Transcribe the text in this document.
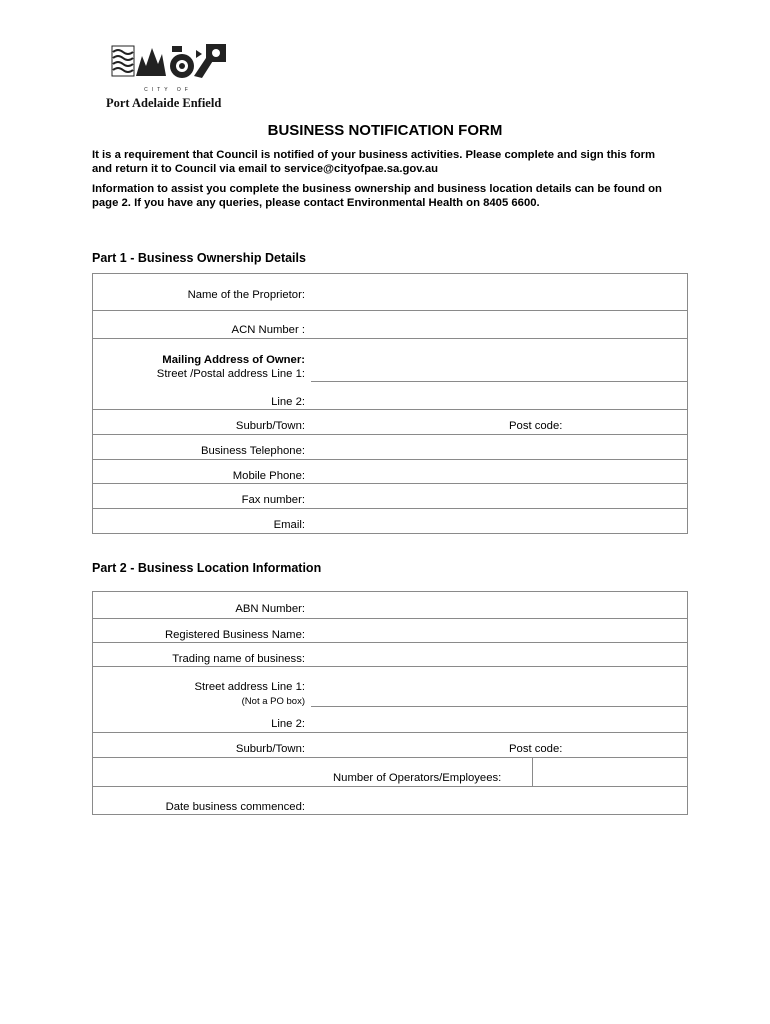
CITY OF
Port Adelaide Enfield
BUSINESS NOTIFICATION FORM
It is a requirement that Council is notified of your business activities. Please complete and sign this form and return it to Council via email to service@cityofpae.sa.gov.au
Information to assist you complete the business ownership and business location details can be found on page 2. If you have any queries, please contact Environmental Health on 8405 6600.
Part 1 - Business Ownership Details
Name of the Proprietor:
ACN Number :
Mailing Address of Owner:
Street /Postal address Line 1:
Line 2:
Suburb/Town:	Post code:
Business Telephone:
Mobile Phone:
Fax number:
Email:
Part 2 - Business Location Information
ABN Number:
Registered Business Name:
Trading name of business:
Street address Line 1:
(Not a PO box)
Line 2:
Suburb/Town:	Post code:
Number of Operators/Employees:
Date business commenced:
